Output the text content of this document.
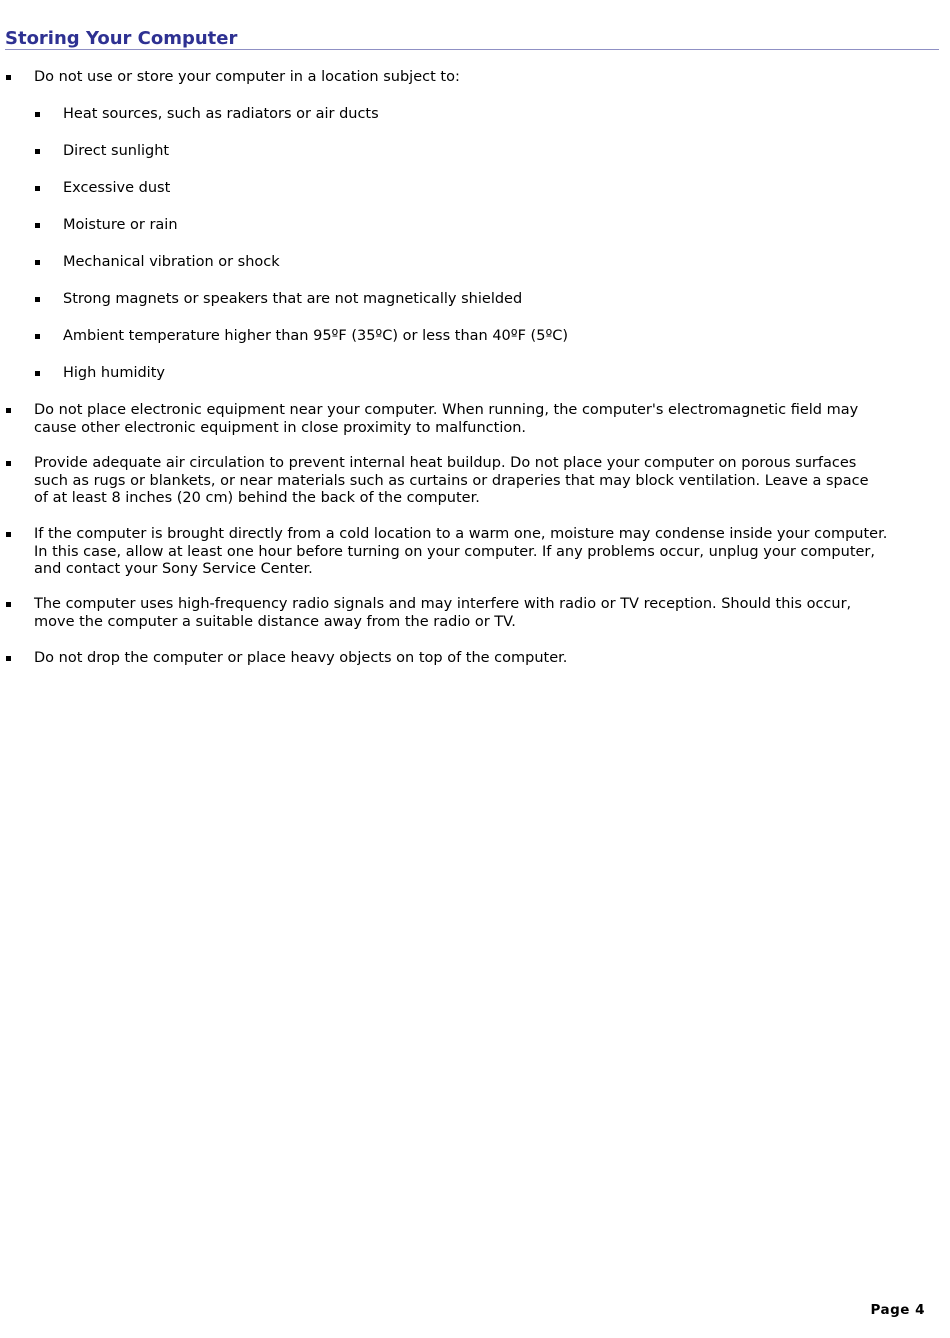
Storing Your Computer
Do not use or store your computer in a location subject to:
Heat sources, such as radiators or air ducts
Direct sunlight
Excessive dust
Moisture or rain
Mechanical vibration or shock
Strong magnets or speakers that are not magnetically shielded
Ambient temperature higher than 95ºF (35ºC) or less than 40ºF (5ºC)
High humidity
Do not place electronic equipment near your computer. When running, the computer's electromagnetic field may
cause other electronic equipment in close proximity to malfunction.
Provide adequate air circulation to prevent internal heat buildup. Do not place your computer on porous surfaces
such as rugs or blankets, or near materials such as curtains or draperies that may block ventilation. Leave a space
of at least 8 inches (20 cm) behind the back of the computer.
If the computer is brought directly from a cold location to a warm one, moisture may condense inside your computer.
In this case, allow at least one hour before turning on your computer. If any problems occur, unplug your computer,
and contact your Sony Service Center.
The computer uses high-frequency radio signals and may interfere with radio or TV reception. Should this occur,
move the computer a suitable distance away from the radio or TV.
Do not drop the computer or place heavy objects on top of the computer.
Page 4
